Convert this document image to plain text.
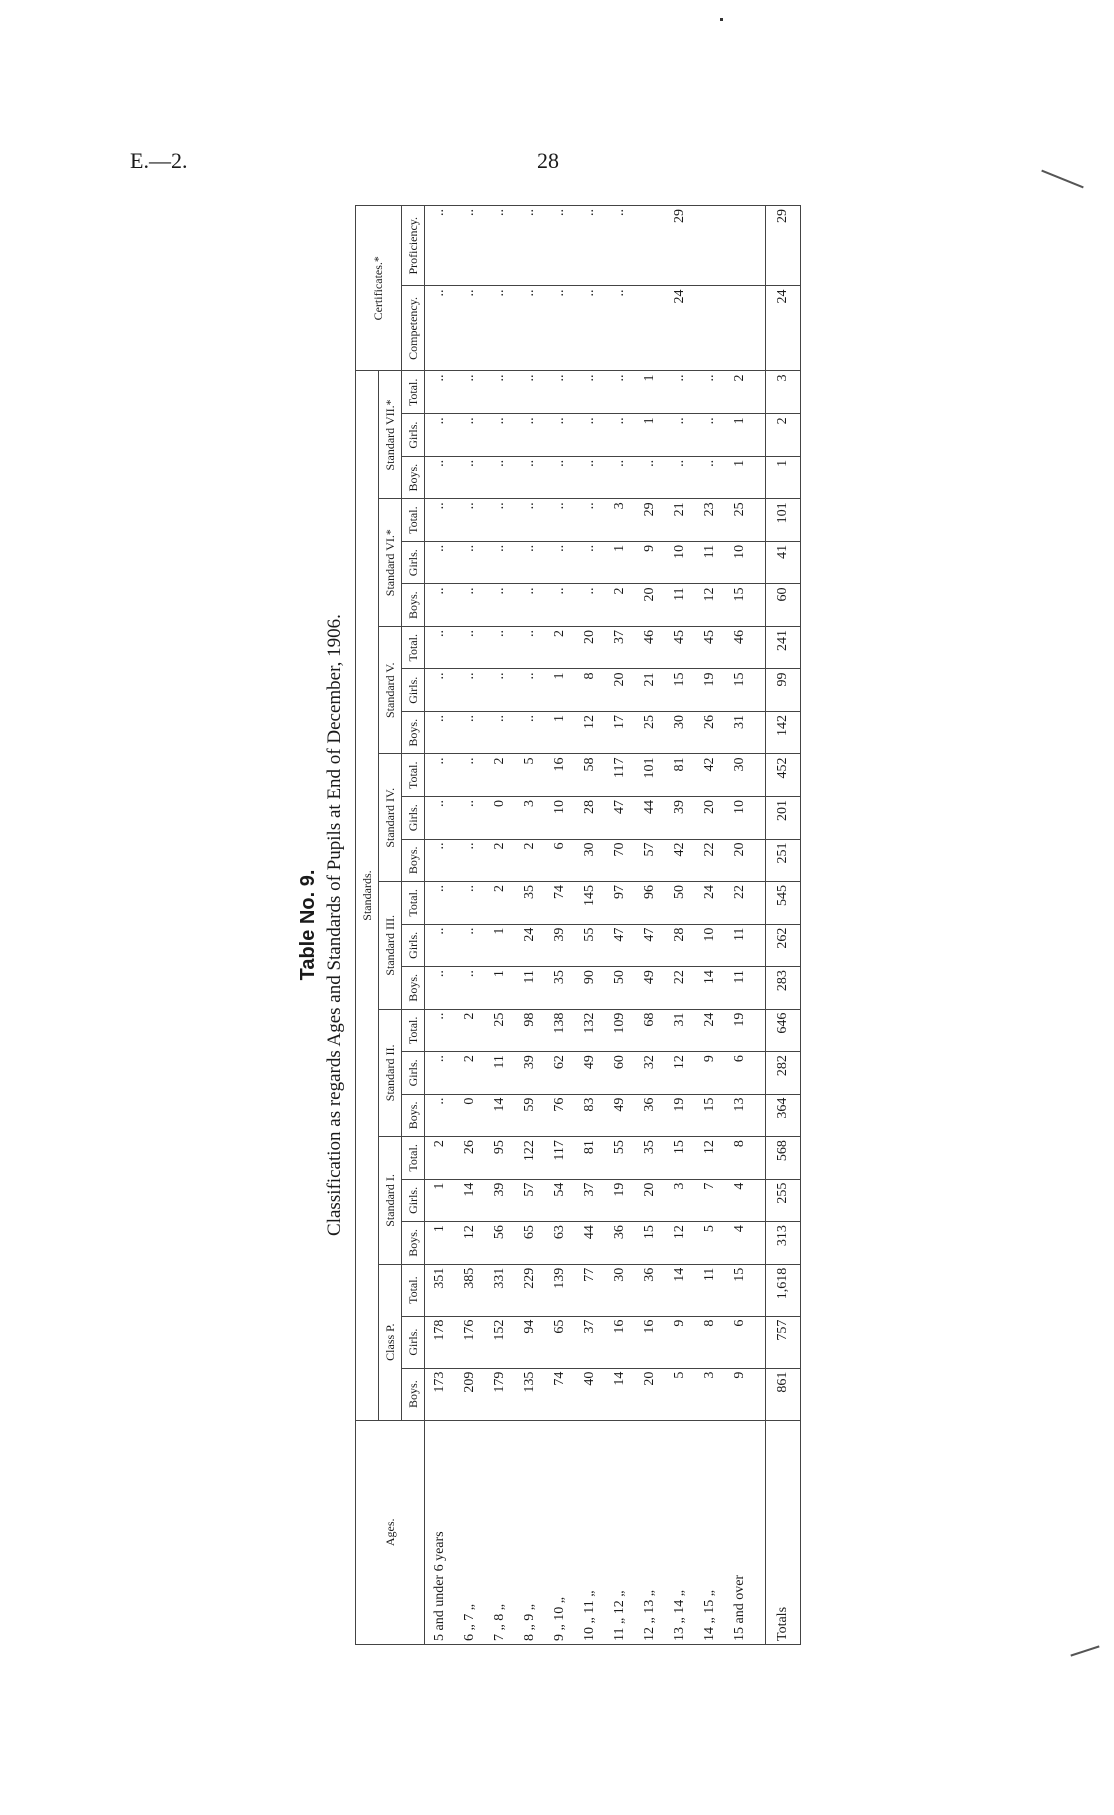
E.—2.	28
Table No. 9. Classification as regards Ages and Standards of Pupils at End of December, 1906.
Ages.	Standards.																								Certificates.*	
	Class P.			Standard I.			Standard II.			Standard III.			Standard IV.			Standard V.			Standard VI.*			Standard VII.*				
	Boys.	Girls.	Total.	Boys.	Girls.	Total.	Boys.	Girls.	Total.	Boys.	Girls.	Total.	Boys.	Girls.	Total.	Boys.	Girls.	Total.	Boys.	Girls.	Total.	Boys.	Girls.	Total.	Competency.	Proficiency.
5 and under 6 years	173	178	351	1	1	2	..	..	..	..	..	..	..	..	..	..	..	..	..	..	..	..	..	..	..	..
6 „ 7 „	209	176	385	12	14	26	0	2	2	..	..	..	..	..	..	..	..	..	..	..	..	..	..	..	..	..
7 „ 8 „	179	152	331	56	39	95	14	11	25	1	1	2	2	0	2	..	..	..	..	..	..	..	..	..	..	..
8 „ 9 „	135	94	229	65	57	122	59	39	98	11	24	35	2	3	5	..	..	..	..	..	..	..	..	..	..	..
9 „ 10 „	74	65	139	63	54	117	76	62	138	35	39	74	6	10	16	1	1	2	..	..	..	..	..	..	..	..
10 „ 11 „	40	37	77	44	37	81	83	49	132	90	55	145	30	28	58	12	8	20	..	..	..	..	..	..	..	..
11 „ 12 „	14	16	30	36	19	55	49	60	109	50	47	97	70	47	117	17	20	37	2	1	3	..	..	..	..	..
12 „ 13 „	20	16	36	15	20	35	36	32	68	49	47	96	57	44	101	25	21	46	20	9	29	..	1	1		
13 „ 14 „	5	9	14	12	3	15	19	12	31	22	28	50	42	39	81	30	15	45	11	10	21	..	..	..	24	29
14 „ 15 „	3	8	11	5	7	12	15	9	24	14	10	24	22	20	42	26	19	45	12	11	23	..	..	..		
15 and over	9	6	15	4	4	8	13	6	19	11	11	22	20	10	30	31	15	46	15	10	25	1	1	2		

Totals	861	757	1,618	313	255	568	364	282	646	283	262	545	251	201	452	142	99	241	60	41	101	1	2	3	24	29
